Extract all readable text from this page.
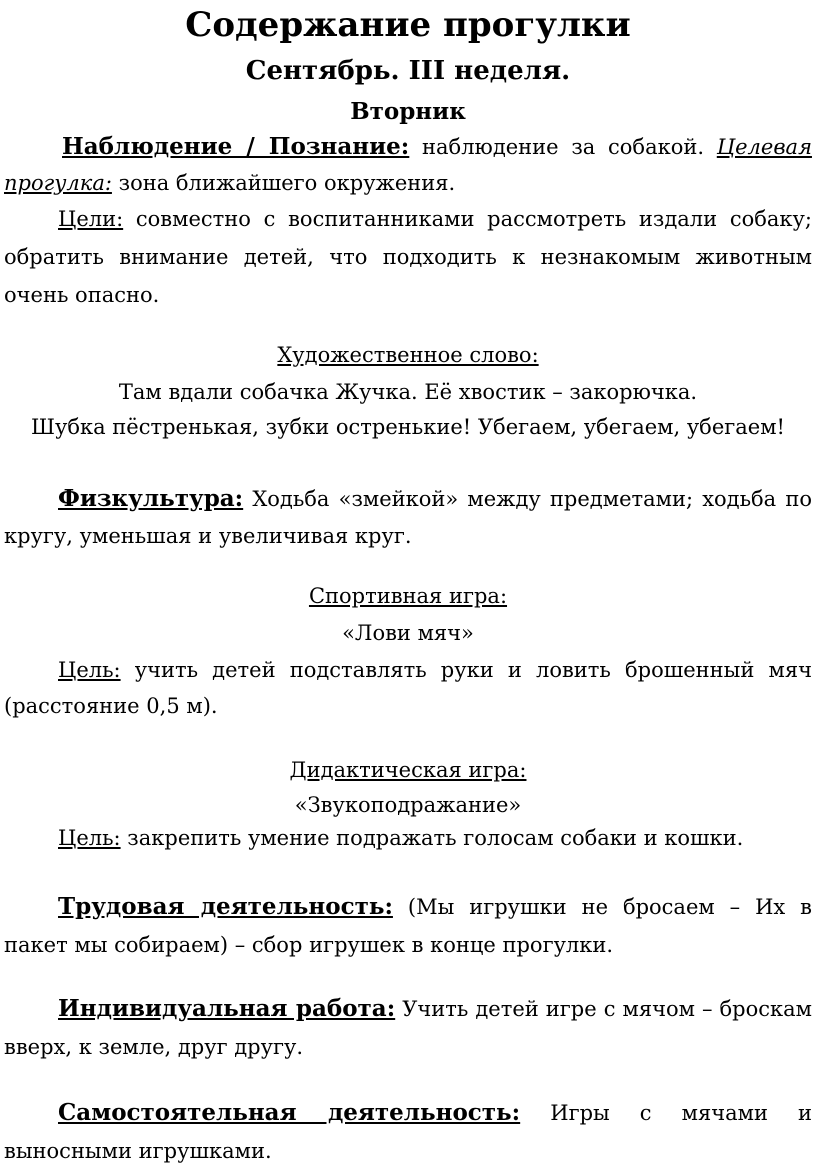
Содержание прогулки
Сентябрь. III неделя.
Вторник
Наблюдение / Познание: наблюдение за собакой. Целевая
прогулка: зона ближайшего окружения.
Цели: совместно с воспитанниками рассмотреть издали собаку; обратить внимание детей, что подходить к незнакомым животным очень опасно.
Художественное слово:
Там вдали собачка Жучка. Её хвостик – закорючка.
Шубка пёстренькая, зубки остренькие! Убегаем, убегаем, убегаем!
Физкультура: Ходьба «змейкой» между предметами; ходьба по кругу, уменьшая и увеличивая круг.
Спортивная игра:
«Лови мяч»
Цель: учить детей подставлять руки и ловить брошенный мяч (расстояние 0,5 м).
Дидактическая игра:
«Звукоподражание»
Цель: закрепить умение подражать голосам собаки и кошки.
Трудовая деятельность: (Мы игрушки не бросаем – Их в пакет мы собираем) – сбор игрушек в конце прогулки.
Индивидуальная работа: Учить детей игре с мячом – броскам вверх, к земле, друг другу.
Самостоятельная деятельность: Игры с мячами и выносными игрушками.
